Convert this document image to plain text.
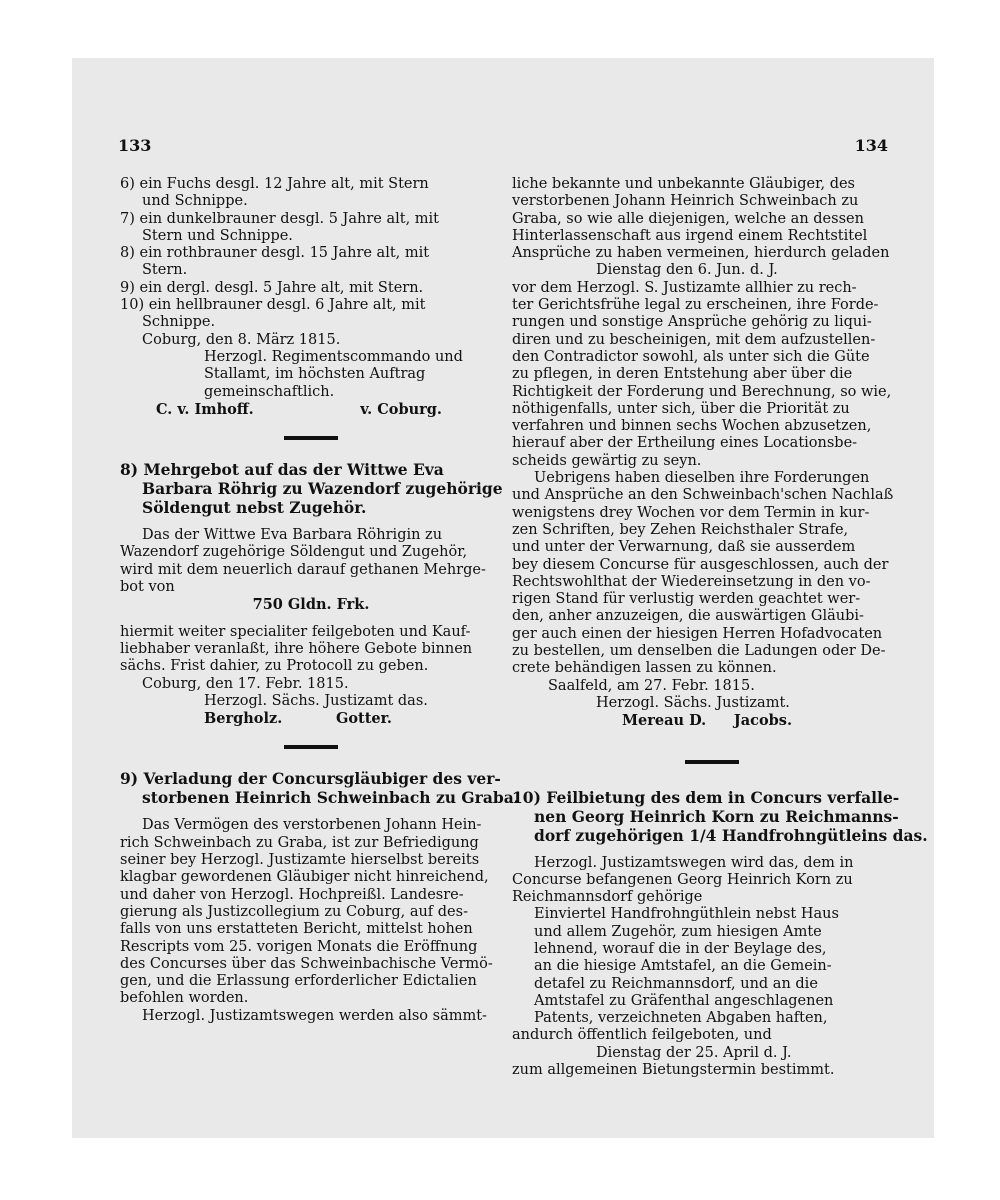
133	134
6) ein Fuchs desgl. 12 Jahre alt, mit Stern
und Schnippe.
7) ein dunkelbrauner desgl. 5 Jahre alt, mit
Stern und Schnippe.
8) ein rothbrauner desgl. 15 Jahre alt, mit
Stern.
9) ein dergl. desgl. 5 Jahre alt, mit Stern.
10) ein hellbrauner desgl. 6 Jahre alt, mit
Schnippe.
Coburg, den 8. März 1815.
Herzogl. Regimentscommando und
Stallamt, im höchsten Auftrag
gemeinschaftlich.
C. v. Imhoff.	v. Coburg.
8) Mehrgebot auf das der Wittwe Eva
Barbara Röhrig zu Wazendorf zugehörige
Söldengut nebst Zugehör.
Das der Wittwe Eva Barbara Röhrigin zu
Wazendorf zugehörige Söldengut und Zugehör,
wird mit dem neuerlich darauf gethanen Mehrge-
bot von
750 Gldn. Frk.
hiermit weiter specialiter feilgeboten und Kauf-
liebhaber veranlaßt, ihre höhere Gebote binnen
sächs. Frist dahier, zu Protocoll zu geben.
Coburg, den 17. Febr. 1815.
Herzogl. Sächs. Justizamt das.
Bergholz.	Gotter.
9) Verladung der Concursgläubiger des ver-
storbenen Heinrich Schweinbach zu Graba.
Das Vermögen des verstorbenen Johann Hein-
rich Schweinbach zu Graba, ist zur Befriedigung
seiner bey Herzogl. Justizamte hierselbst bereits
klagbar gewordenen Gläubiger nicht hinreichend,
und daher von Herzogl. Hochpreißl. Landesre-
gierung als Justizcollegium zu Coburg, auf des-
falls von uns erstatteten Bericht, mittelst hohen
Rescripts vom 25. vorigen Monats die Eröffnung
des Concurses über das Schweinbachische Vermö-
gen, und die Erlassung erforderlicher Edictalien
befohlen worden.
Herzogl. Justizamtswegen werden also sämmt-
liche bekannte und unbekannte Gläubiger, des
verstorbenen Johann Heinrich Schweinbach zu
Graba, so wie alle diejenigen, welche an dessen
Hinterlassenschaft aus irgend einem Rechtstitel
Ansprüche zu haben vermeinen, hierdurch geladen
Dienstag den 6. Jun. d. J.
vor dem Herzogl. S. Justizamte allhier zu rech-
ter Gerichtsfrühe legal zu erscheinen, ihre Forde-
rungen und sonstige Ansprüche gehörig zu liqui-
diren und zu bescheinigen, mit dem aufzustellen-
den Contradictor sowohl, als unter sich die Güte
zu pflegen, in deren Entstehung aber über die
Richtigkeit der Forderung und Berechnung, so wie,
nöthigenfalls, unter sich, über die Priorität zu
verfahren und binnen sechs Wochen abzusetzen,
hierauf aber der Ertheilung eines Locationsbe-
scheids gewärtig zu seyn.
Uebrigens haben dieselben ihre Forderungen
und Ansprüche an den Schweinbach'schen Nachlaß
wenigstens drey Wochen vor dem Termin in kur-
zen Schriften, bey Zehen Reichsthaler Strafe,
und unter der Verwarnung, daß sie ausserdem
bey diesem Concurse für ausgeschlossen, auch der
Rechtswohlthat der Wiedereinsetzung in den vo-
rigen Stand für verlustig werden geachtet wer-
den, anher anzuzeigen, die auswärtigen Gläubi-
ger auch einen der hiesigen Herren Hofadvocaten
zu bestellen, um denselben die Ladungen oder De-
crete behändigen lassen zu können.
Saalfeld, am 27. Febr. 1815.
Herzogl. Sächs. Justizamt.
Mereau D. Jacobs.
10) Feilbietung des dem in Concurs verfalle-
nen Georg Heinrich Korn zu Reichmanns-
dorf zugehörigen 1/4 Handfrohngütleins das.
Herzogl. Justizamtswegen wird das, dem in
Concurse befangenen Georg Heinrich Korn zu
Reichmannsdorf gehörige
Einviertel Handfrohngüthlein nebst Haus
und allem Zugehör, zum hiesigen Amte
lehnend, worauf die in der Beylage des,
an die hiesige Amtstafel, an die Gemein-
detafel zu Reichmannsdorf, und an die
Amtstafel zu Gräfenthal angeschlagenen
Patents, verzeichneten Abgaben haften,
andurch öffentlich feilgeboten, und
Dienstag der 25. April d. J.
zum allgemeinen Bietungstermin bestimmt.
